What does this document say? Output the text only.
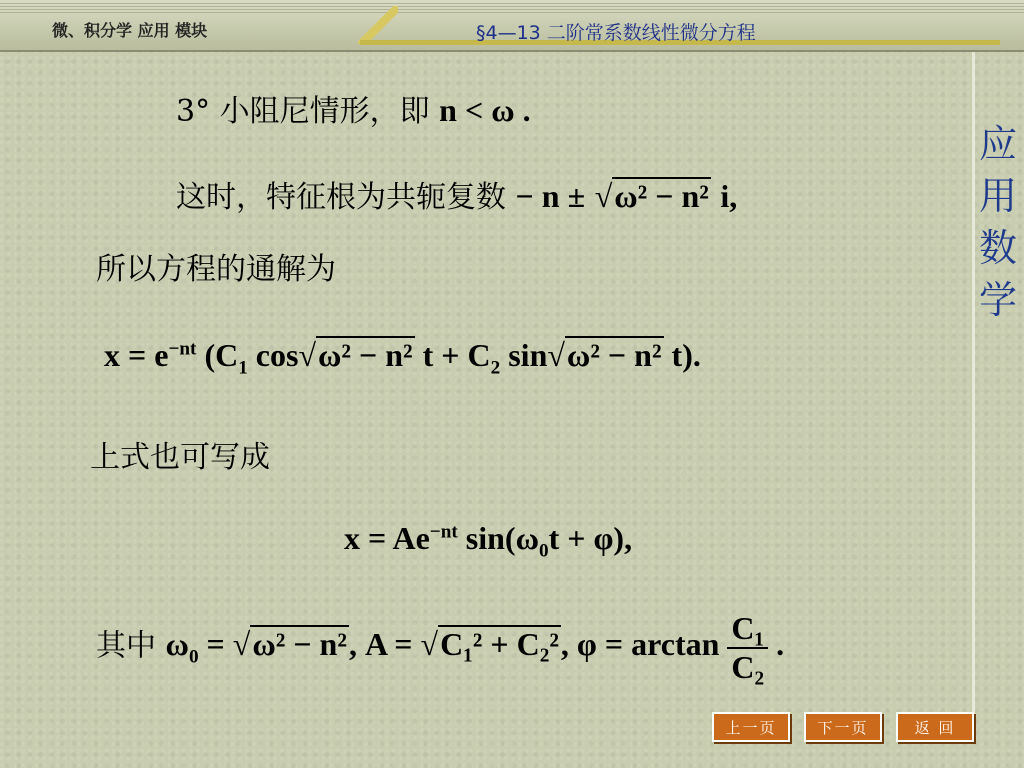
微、积分学 应用 模块	§4—13 二阶常系数线性微分方程
应
用
数
学
3° 小阻尼情形，即 n < ω .
这时，特征根为共轭复数 − n ± √ω² − n² i,
所以方程的通解为
$x = e^{-nt}$ ($C_1$ cos√ω² − n² $t + C_2$ sin√ω² − n² t).
上式也可写成
$x = Ae^{-nt}$ $\sin(\omega_0t + \varphi)$,
其中 $\omega_0 = √\omega^2 - n^2$, A = √C₁² + C₂², $\varphi = \arctan \frac{\text{C₁}}{\text{C₂}}$ .
上一页	下一页	返 回
